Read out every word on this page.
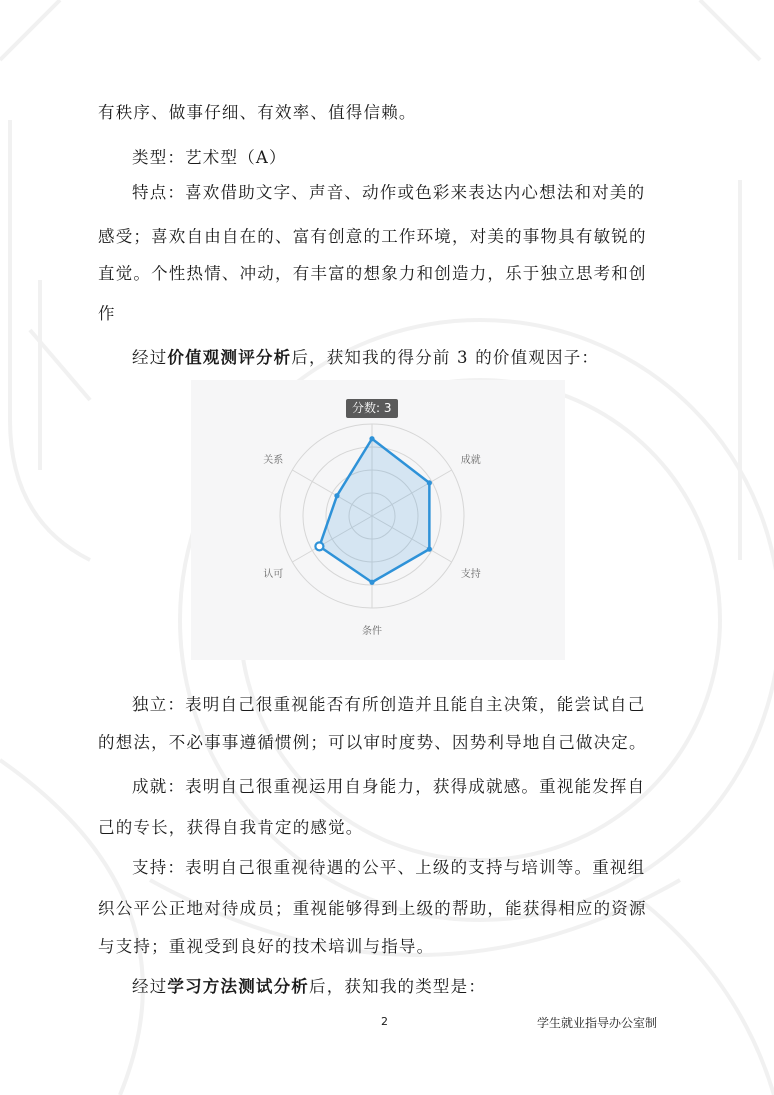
有秩序、做事仔细、有效率、值得信赖。
类型：艺术型（A）
特点：喜欢借助文字、声音、动作或色彩来表达内心想法和对美的
感受；喜欢自由自在的、富有创意的工作环境，对美的事物具有敏锐的
直觉。个性热情、冲动，有丰富的想象力和创造力，乐于独立思考和创
作
经过价值观测评分析后，获知我的得分前 3 的价值观因子：
成就
支持
条件
认可
关系
分数: 3
独立：表明自己很重视能否有所创造并且能自主决策，能尝试自己
的想法，不必事事遵循惯例；可以审时度势、因势利导地自己做决定。
成就：表明自己很重视运用自身能力，获得成就感。重视能发挥自
己的专长，获得自我肯定的感觉。
支持：表明自己很重视待遇的公平、上级的支持与培训等。重视组
织公平公正地对待成员；重视能够得到上级的帮助，能获得相应的资源
与支持；重视受到良好的技术培训与指导。
经过学习方法测试分析后，获知我的类型是：
2	学生就业指导办公室制
